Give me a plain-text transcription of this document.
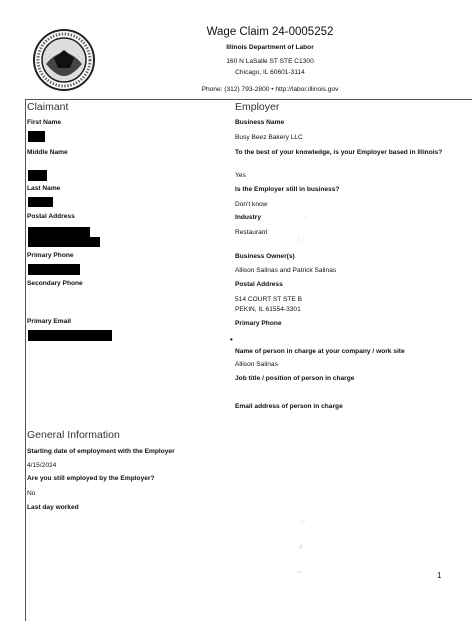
Wage Claim 24-0005252
Illinois Department of Labor
160 N LaSalle ST STE C1300
Chicago, IL 60601-3114
Phone: (312) 793-2800 • http://labor.illinois.gov
Claimant
First Name
Middle Name
Last Name
Postal Address
Primary Phone
Secondary Phone
Primary Email
Employer
Business Name
Busy Beez Bakery LLC
To the best of your knowledge, is your Employer based in Illinois?
Yes
Is the Employer still in business?
Don't know
Industry
Restaurant
Business Owner(s)
Allison Salinas and Patrick Salinas
Postal Address
514 COURT ST STE B
PEKIN, IL 61554-3301
Primary Phone
Name of person in charge at your company / work site
Allison Salinas
Job title / position of person in charge
Email address of person in charge
General Information
Starting date of employment with the Employer
4/15/2024
Are you still employed by the Employer?
No
Last day worked
·:
'·.
•
·
·:·
·/·
~·
·
1
